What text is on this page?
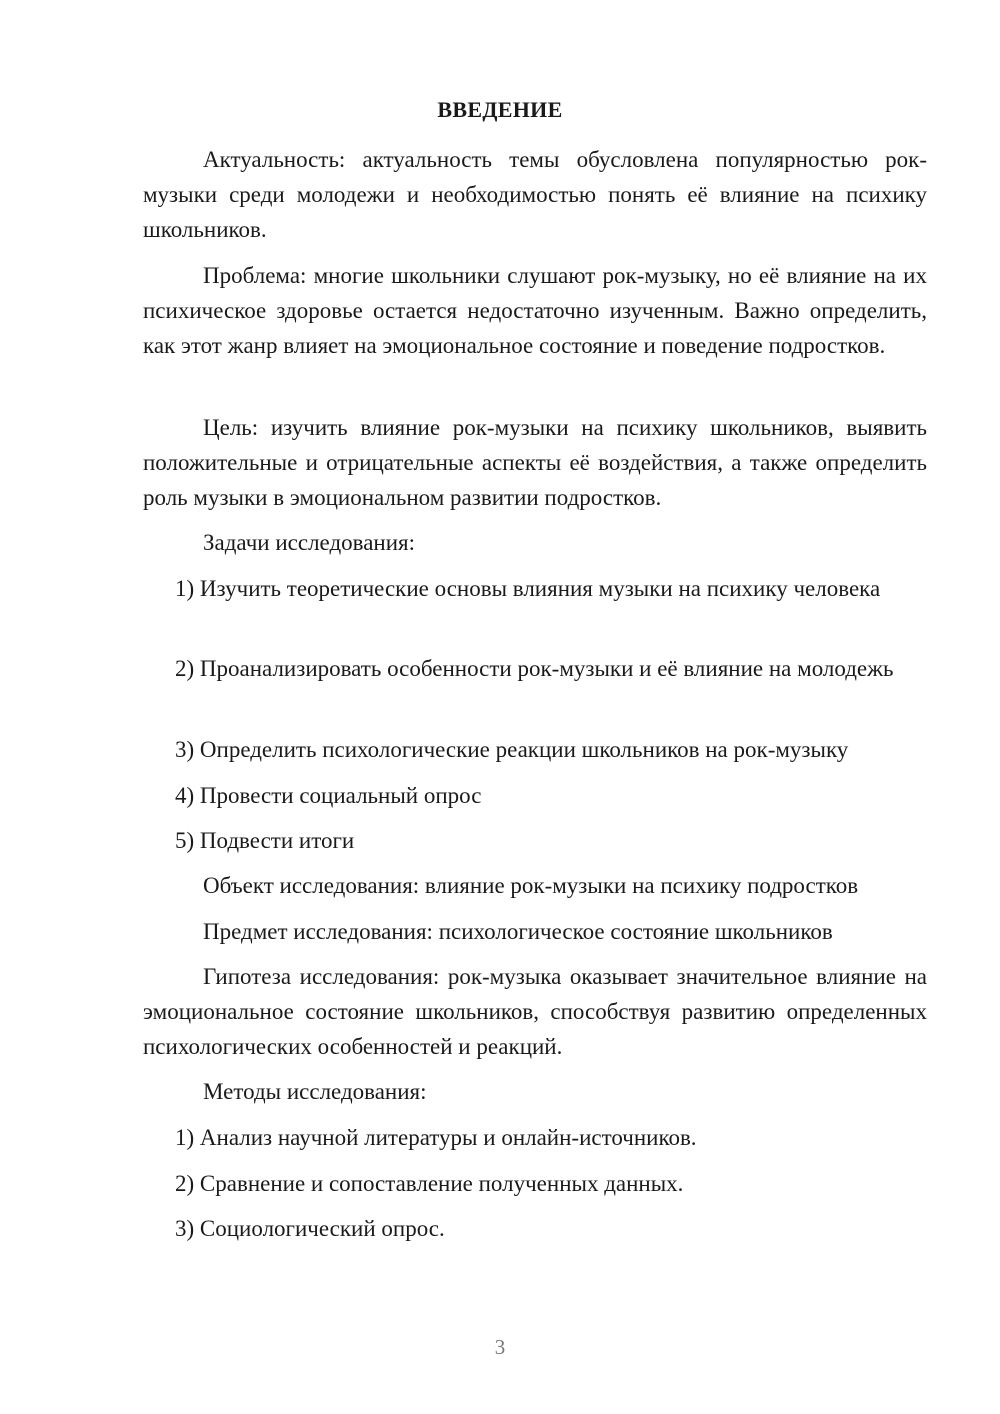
ВВЕДЕНИЕ

Актуальность: актуальность темы обусловлена популярностью рок-музыки среди молодежи и необходимостью понять её влияние на психику школьников.

Проблема: многие школьники слушают рок-музыку, но её влияние на их психическое здоровье остается недостаточно изученным. Важно определить, как этот жанр влияет на эмоциональное состояние и поведение подростков.

Цель: изучить влияние рок-музыки на психику школьников, выявить положительные и отрицательные аспекты её воздействия, а также определить роль музыки в эмоциональном развитии подростков.

Задачи исследования:

1) Изучить теоретические основы влияния музыки на психику человека

2) Проанализировать особенности рок-музыки и её влияние на молодежь

3) Определить психологические реакции школьников на рок-музыку

4) Провести социальный опрос

5) Подвести итоги

Объект исследования: влияние рок-музыки на психику подростков

Предмет исследования: психологическое состояние школьников

Гипотеза исследования: рок-музыка оказывает значительное влияние на эмоциональное состояние школьников, способствуя развитию определенных психологических особенностей и реакций.

Методы исследования:

1) Анализ научной литературы и онлайн-источников.

2) Сравнение и сопоставление полученных данных.

3) Социологический опрос.

3
